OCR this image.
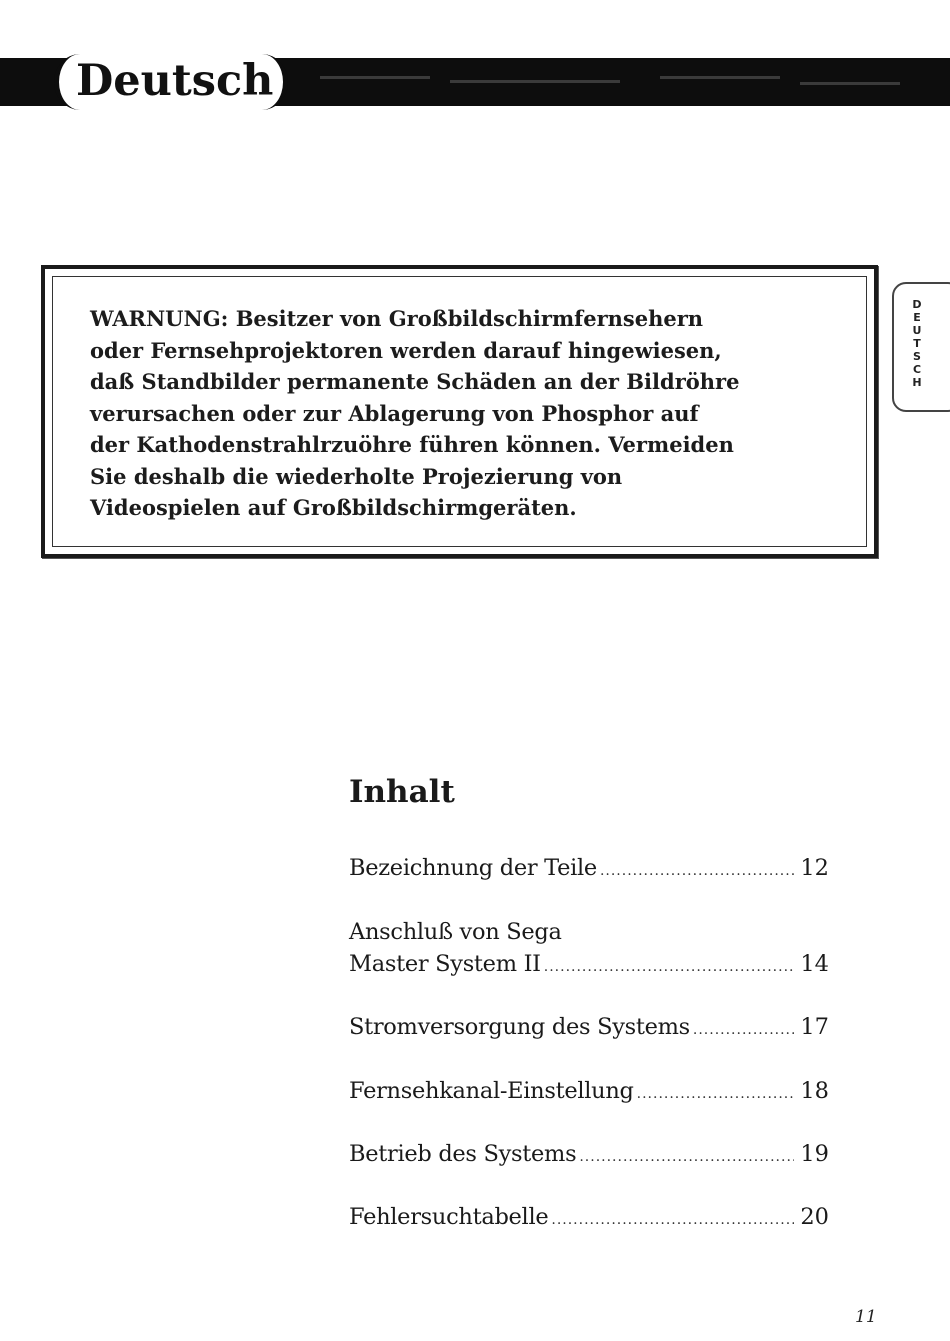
Deutsch

WARNUNG: Besitzer von Großbildschirmfernsehern
oder Fernsehprojektoren werden darauf hingewiesen,
daß Standbilder permanente Schäden an der Bildröhre
verursachen oder zur Ablagerung von Phosphor auf
der Kathodenstrahlrzuöhre führen können. Vermeiden
Sie deshalb die wiederholte Projezierung von
Videospielen auf Großbildschirmgeräten.

D
E
U
T
S
C
H
Inhalt
Bezeichnung der Teile .....	12
Anschluß von Sega
Master System II .....	14
Stromversorgung des Systems .....	17
Fernsehkanal-Einstellung .....	18
Betrieb des Systems .....	19
Fehlersuchtabelle .....	20
11
